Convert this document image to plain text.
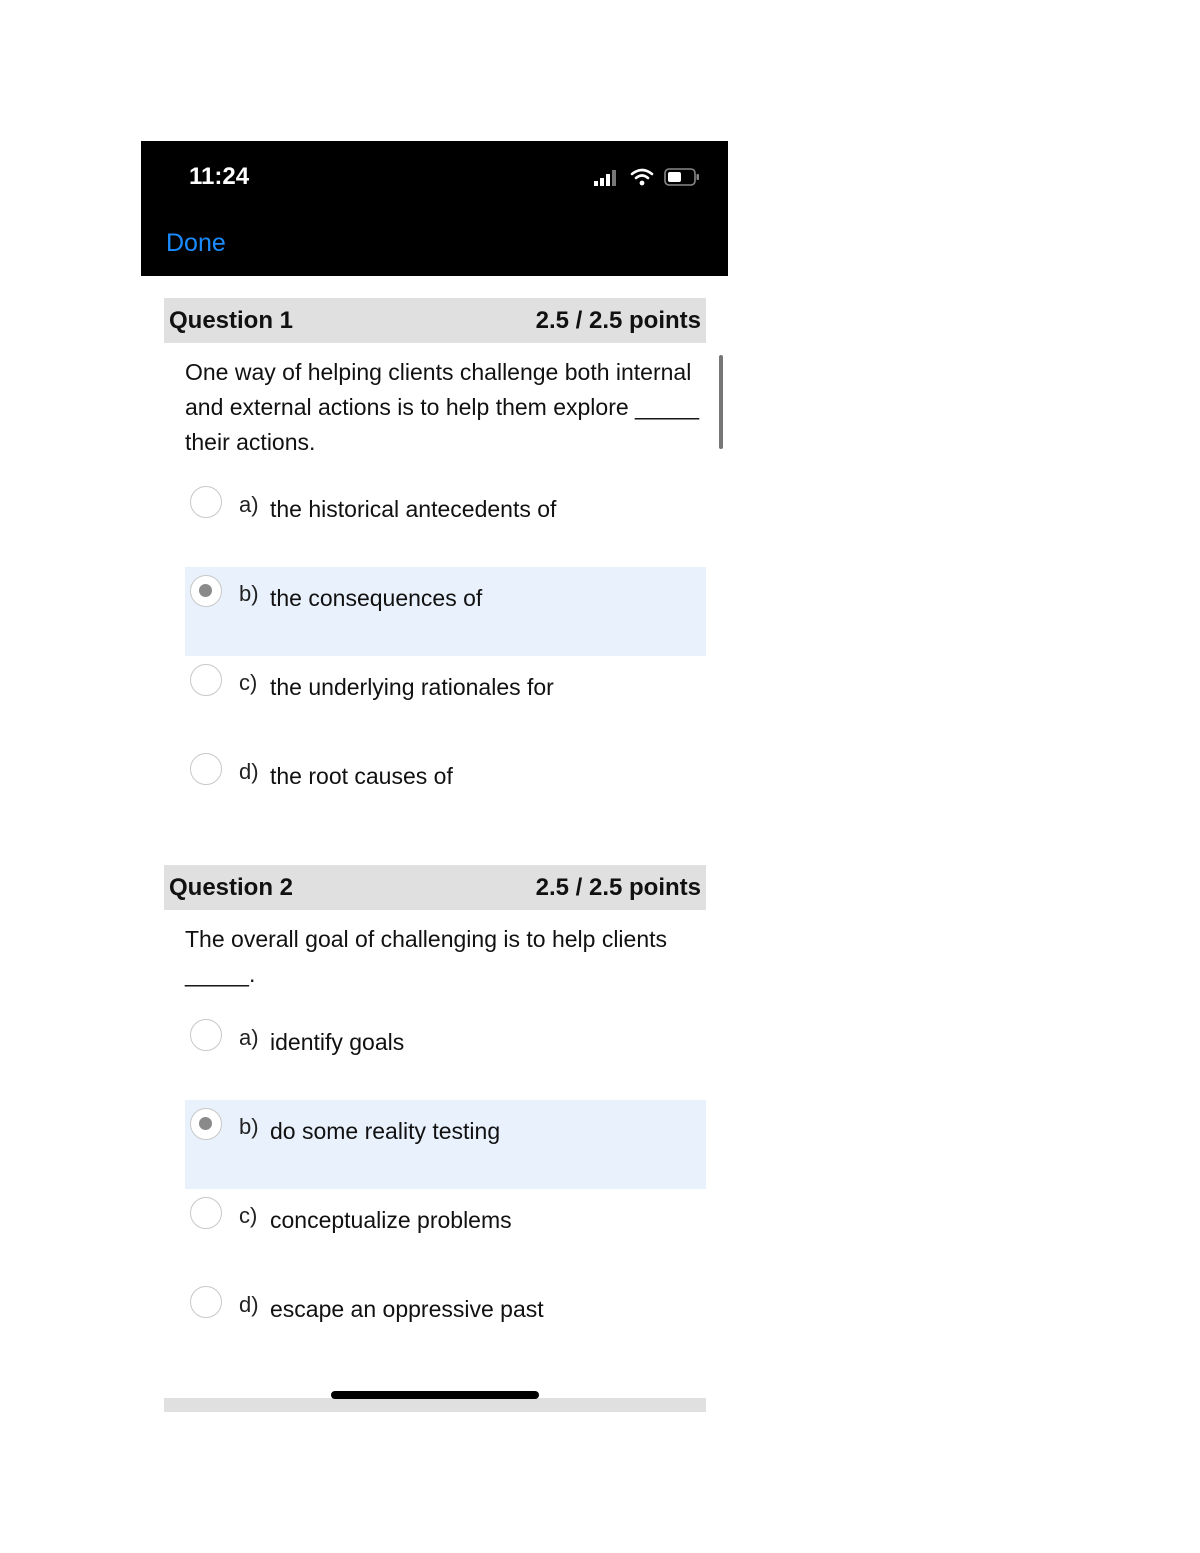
11:24
Done
Question 1	2.5 / 2.5 points
One way of helping clients challenge both internal and external actions is to help them explore _____ their actions.
a) the historical antecedents of
b) the consequences of
c) the underlying rationales for
d) the root causes of
Question 2	2.5 / 2.5 points
The overall goal of challenging is to help clients _____.
a) identify goals
b) do some reality testing
c) conceptualize problems
d) escape an oppressive past
